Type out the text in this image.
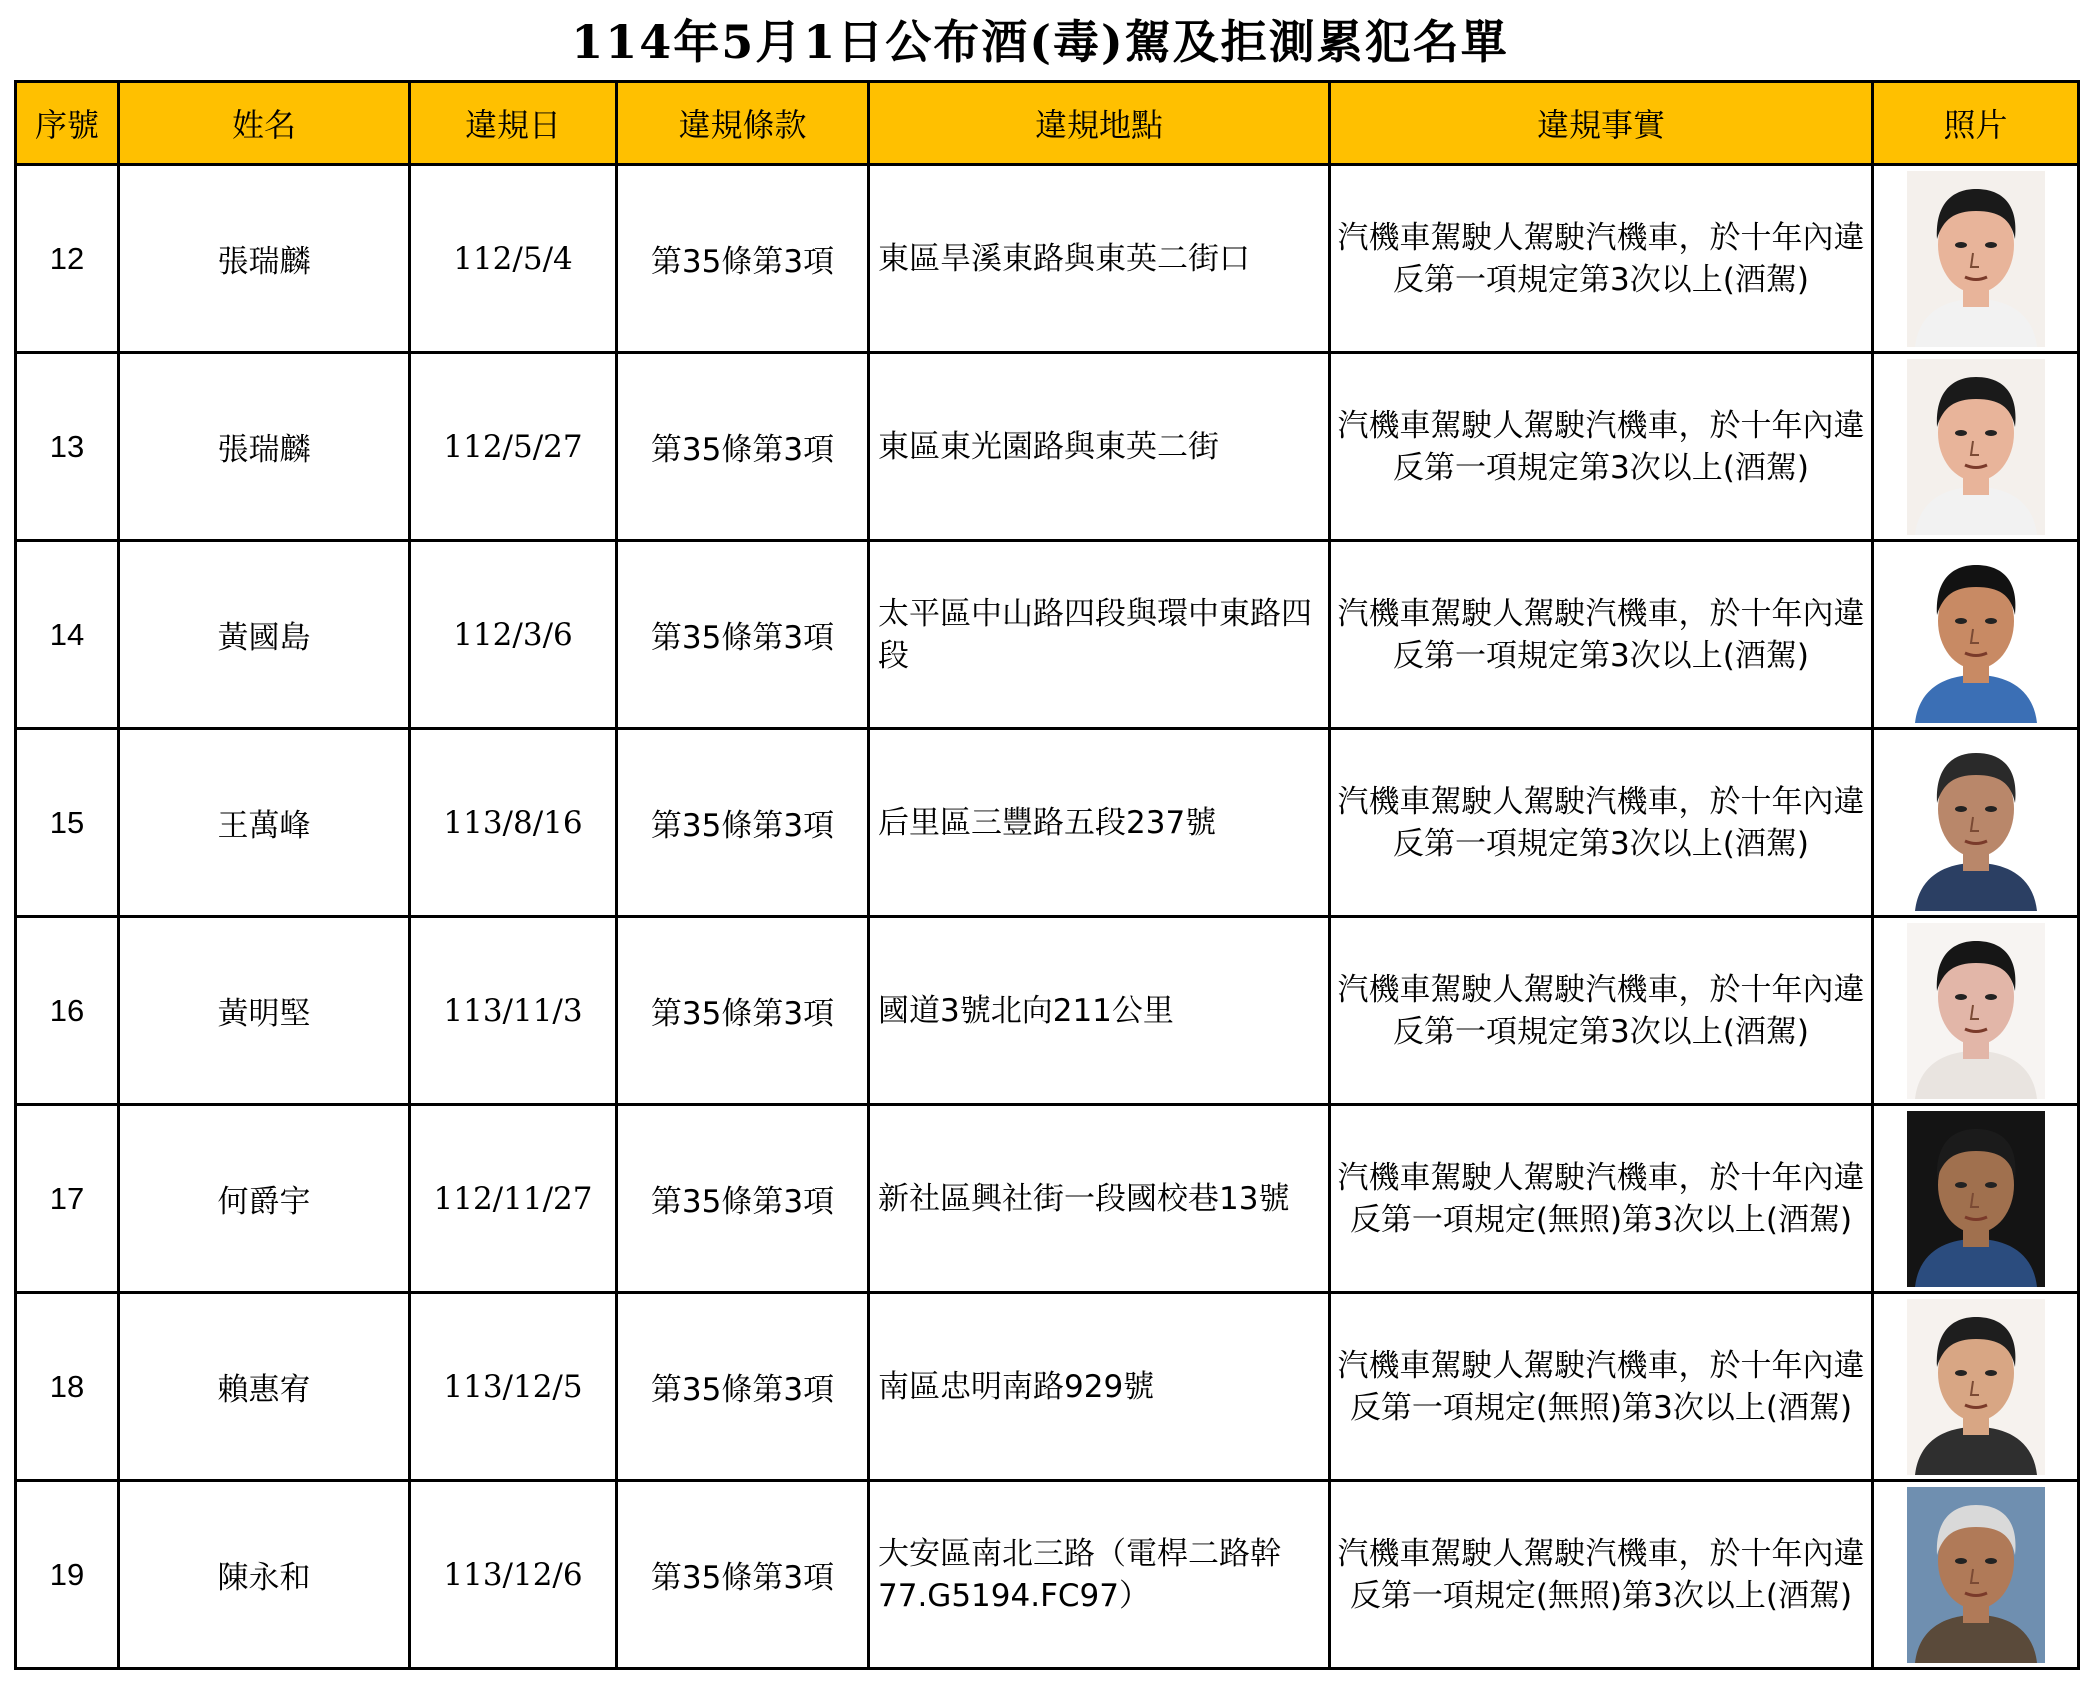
114年5月1日公布酒(毒)駕及拒測累犯名單
序號	姓名	違規日	違規條款	違規地點	違規事實	照片
12	張瑞麟	112/5/4	第35條第3項	東區旱溪東路與東英二街口	汽機車駕駛人駕駛汽機車，於十年內違反第一項規定第3次以上(酒駕)	

13	張瑞麟	112/5/27	第35條第3項	東區東光園路與東英二街	汽機車駕駛人駕駛汽機車，於十年內違反第一項規定第3次以上(酒駕)	

14	黃國島	112/3/6	第35條第3項	太平區中山路四段與環中東路四段	汽機車駕駛人駕駛汽機車，於十年內違反第一項規定第3次以上(酒駕)	

15	王萬峰	113/8/16	第35條第3項	后里區三豐路五段237號	汽機車駕駛人駕駛汽機車，於十年內違反第一項規定第3次以上(酒駕)	

16	黃明堅	113/11/3	第35條第3項	國道3號北向211公里	汽機車駕駛人駕駛汽機車，於十年內違反第一項規定第3次以上(酒駕)	

17	何爵宇	112/11/27	第35條第3項	新社區興社街一段國校巷13號	汽機車駕駛人駕駛汽機車，於十年內違反第一項規定(無照)第3次以上(酒駕)	

18	賴惠宥	113/12/5	第35條第3項	南區忠明南路929號	汽機車駕駛人駕駛汽機車，於十年內違反第一項規定(無照)第3次以上(酒駕)	

19	陳永和	113/12/6	第35條第3項	大安區南北三路（電桿二路幹77.G5194.FC97）	汽機車駕駛人駕駛汽機車，於十年內違反第一項規定(無照)第3次以上(酒駕)	
